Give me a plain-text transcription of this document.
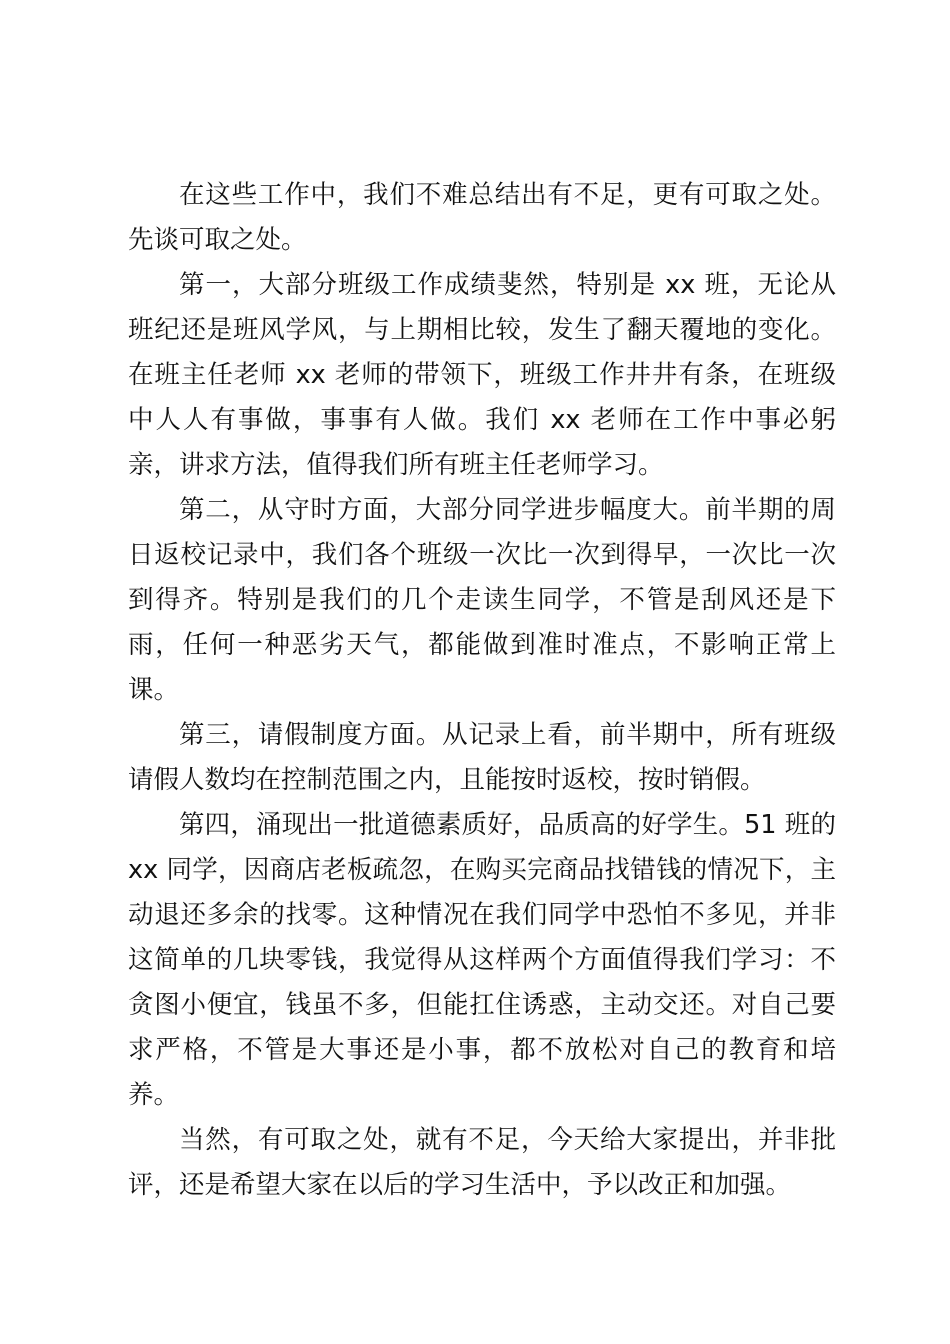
在这些工作中，我们不难总结出有不足，更有可取之处。先谈可取之处。

第一，大部分班级工作成绩斐然，特别是 xx 班，无论从班纪还是班风学风，与上期相比较，发生了翻天覆地的变化。在班主任老师 xx 老师的带领下，班级工作井井有条，在班级中人人有事做，事事有人做。我们 xx 老师在工作中事必躬亲，讲求方法，值得我们所有班主任老师学习。

第二，从守时方面，大部分同学进步幅度大。前半期的周日返校记录中，我们各个班级一次比一次到得早，一次比一次到得齐。特别是我们的几个走读生同学，不管是刮风还是下雨，任何一种恶劣天气，都能做到准时准点，不影响正常上课。

第三，请假制度方面。从记录上看，前半期中，所有班级请假人数均在控制范围之内，且能按时返校，按时销假。

第四，涌现出一批道德素质好，品质高的好学生。51 班的 xx 同学，因商店老板疏忽，在购买完商品找错钱的情况下，主动退还多余的找零。这种情况在我们同学中恐怕不多见，并非这简单的几块零钱，我觉得从这样两个方面值得我们学习：不贪图小便宜，钱虽不多，但能扛住诱惑，主动交还。对自己要求严格，不管是大事还是小事，都不放松对自己的教育和培养。

当然，有可取之处，就有不足，今天给大家提出，并非批评，还是希望大家在以后的学习生活中，予以改正和加强。
